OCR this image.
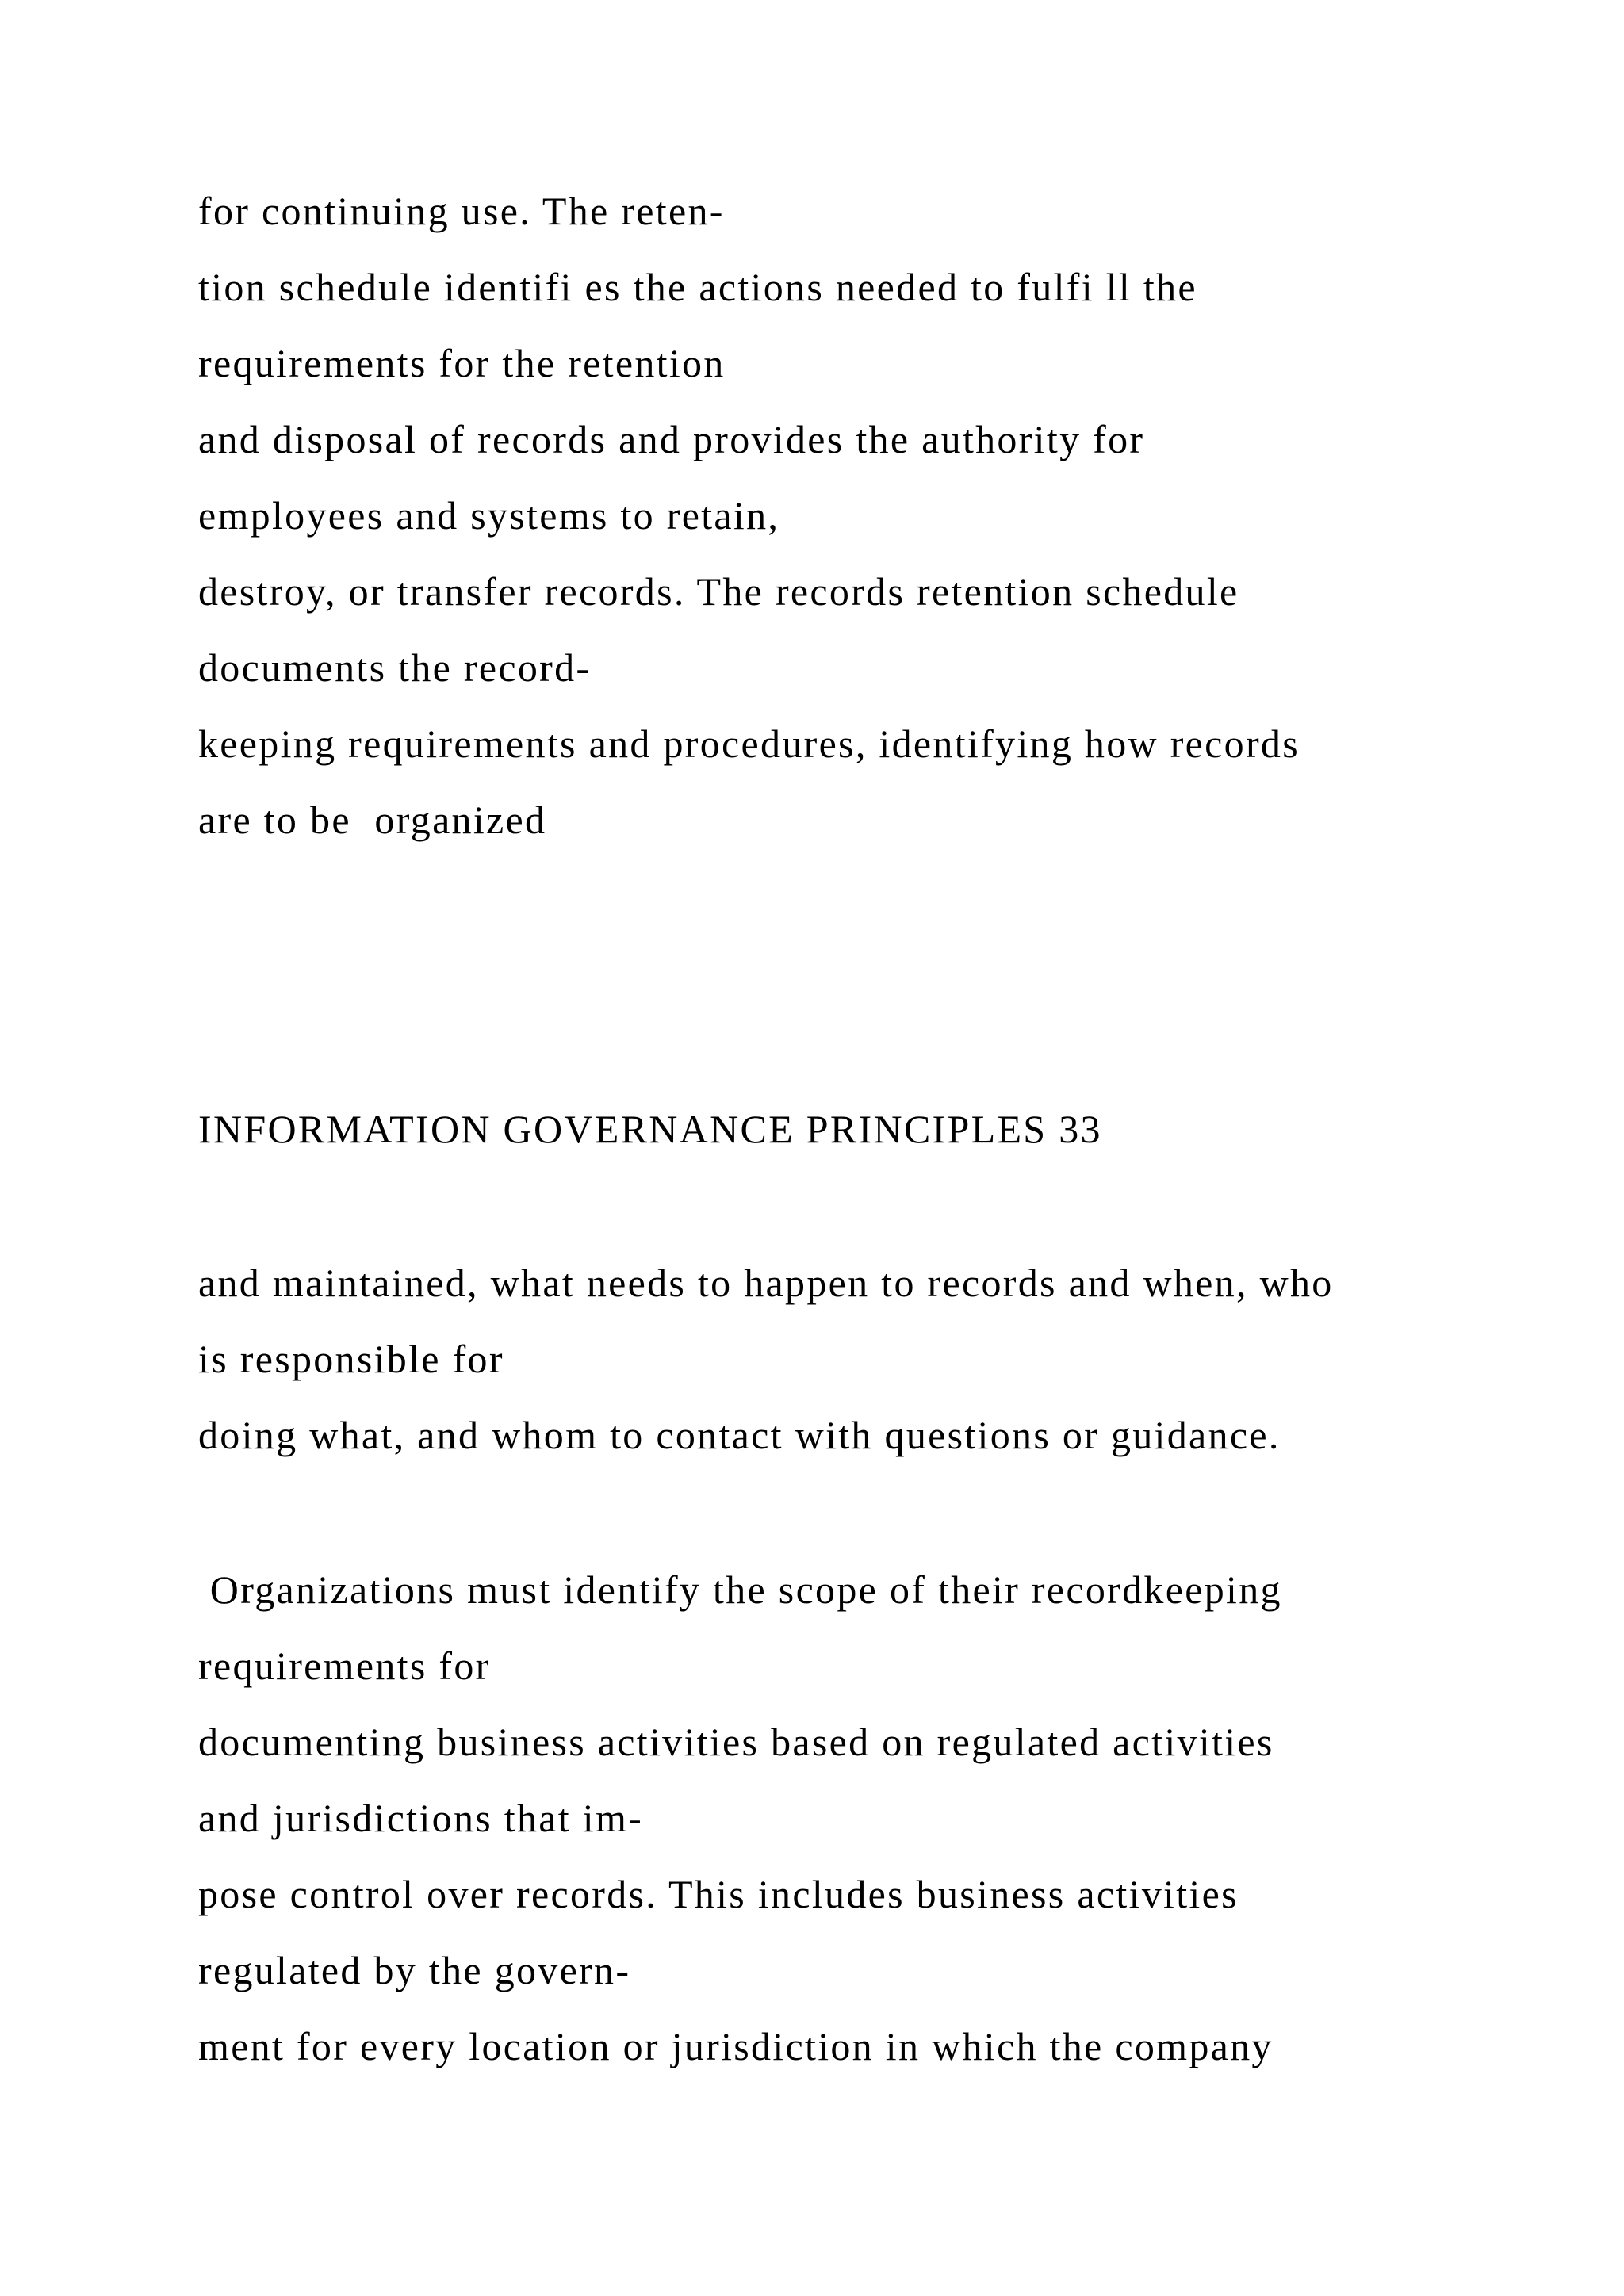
for continuing use. The reten-
tion schedule identifi es the actions needed to fulfi ll the
requirements for the retention
and disposal of records and provides the authority for
employees and systems to retain,
destroy, or transfer records. The records retention schedule
documents the record-
keeping requirements and procedures, identifying how records
are to be  organized
INFORMATION GOVERNANCE PRINCIPLES 33
and maintained, what needs to happen to records and when, who
is responsible for
doing what, and whom to contact with questions or guidance.
Organizations must identify the scope of their recordkeeping
requirements for
documenting business activities based on regulated activities
and jurisdictions that im-
pose control over records. This includes business activities
regulated by the govern-
ment for every location or jurisdiction in which the company
